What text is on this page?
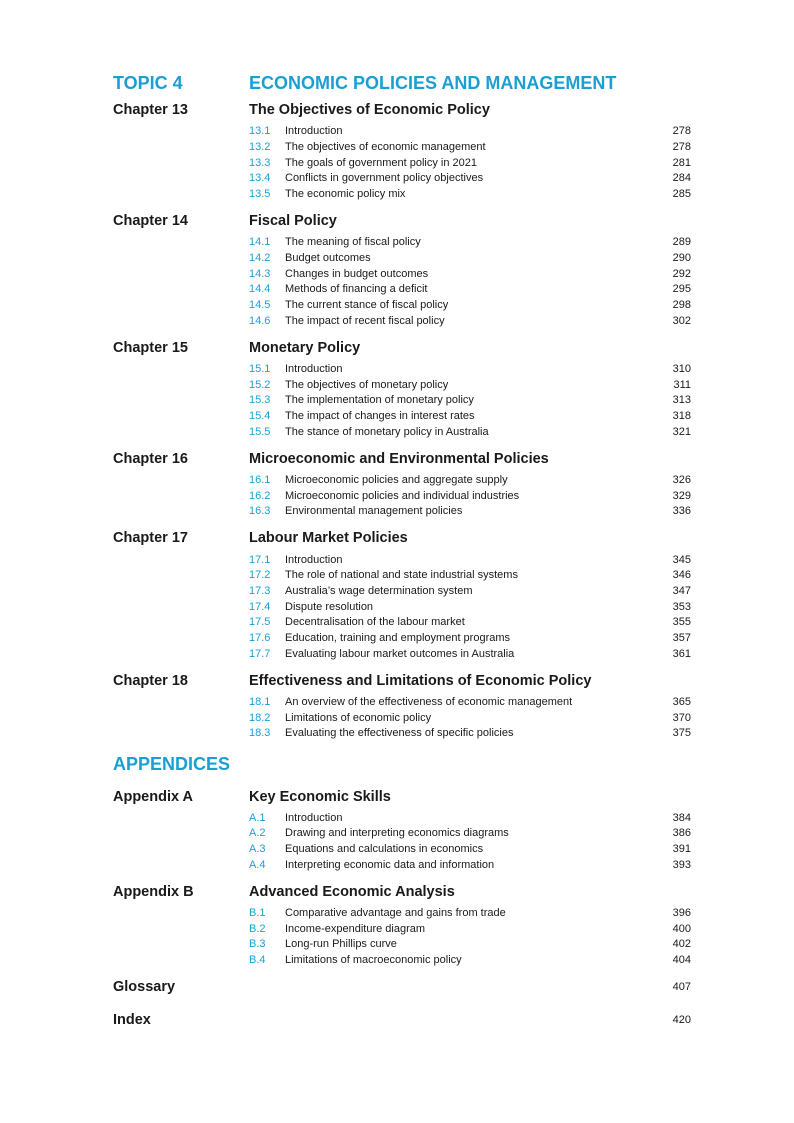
TOPIC 4	ECONOMIC POLICIES AND MANAGEMENT
Chapter 13	The Objectives of Economic Policy
13.1 Introduction	278
13.2 The objectives of economic management	278
13.3 The goals of government policy in 2021	281
13.4 Conflicts in government policy objectives	284
13.5 The economic policy mix	285
Chapter 14	Fiscal Policy
14.1 The meaning of fiscal policy	289
14.2 Budget outcomes	290
14.3 Changes in budget outcomes	292
14.4 Methods of financing a deficit	295
14.5 The current stance of fiscal policy	298
14.6 The impact of recent fiscal policy	302
Chapter 15	Monetary Policy
15.1 Introduction	310
15.2 The objectives of monetary policy	311
15.3 The implementation of monetary policy	313
15.4 The impact of changes in interest rates	318
15.5 The stance of monetary policy in Australia	321
Chapter 16	Microeconomic and Environmental Policies
16.1 Microeconomic policies and aggregate supply	326
16.2 Microeconomic policies and individual industries	329
16.3 Environmental management policies	336
Chapter 17	Labour Market Policies
17.1 Introduction	345
17.2 The role of national and state industrial systems	346
17.3 Australia’s wage determination system	347
17.4 Dispute resolution	353
17.5 Decentralisation of the labour market	355
17.6 Education, training and employment programs	357
17.7 Evaluating labour market outcomes in Australia	361
Chapter 18	Effectiveness and Limitations of Economic Policy
18.1 An overview of the effectiveness of economic management	365
18.2 Limitations of economic policy	370
18.3 Evaluating the effectiveness of specific policies	375
APPENDICES
Appendix A	Key Economic Skills
A.1 Introduction	384
A.2 Drawing and interpreting economics diagrams	386
A.3 Equations and calculations in economics	391
A.4 Interpreting economic data and information	393
Appendix B	Advanced Economic Analysis
B.1 Comparative advantage and gains from trade	396
B.2 Income-expenditure diagram	400
B.3 Long-run Phillips curve	402
B.4 Limitations of macroeconomic policy	404
Glossary	407
Index	420
